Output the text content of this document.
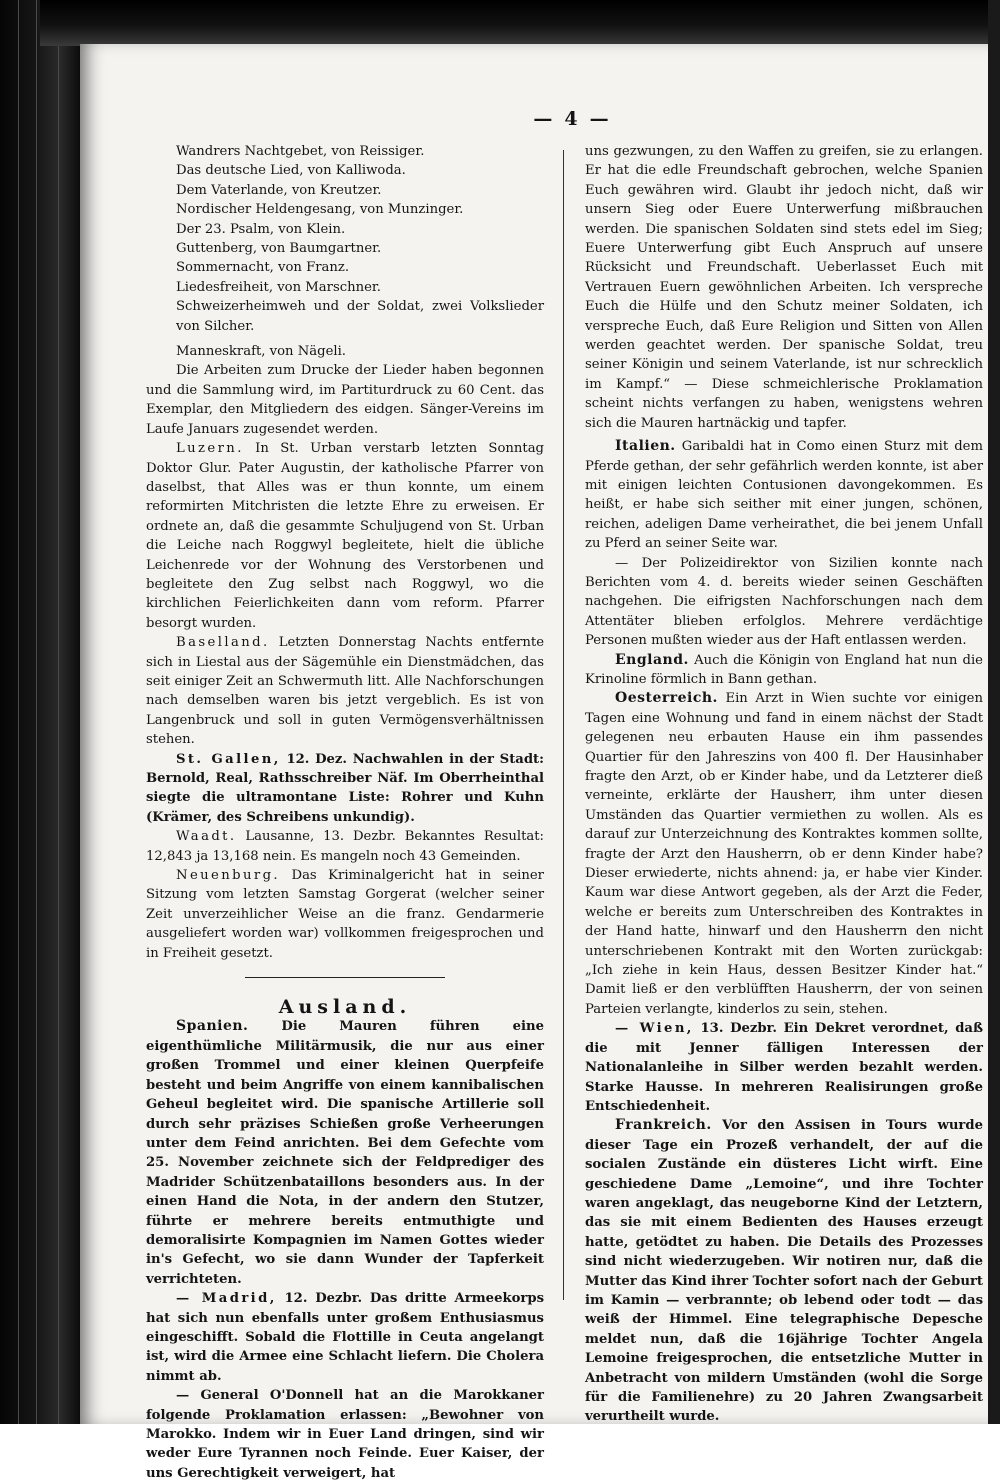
— 4 —

Wandrers Nachtgebet, von Reissiger.

Das deutsche Lied, von Kalliwoda.

Dem Vaterlande, von Kreutzer.

Nordischer Heldengesang, von Munzinger.

Der 23. Psalm, von Klein.

Guttenberg, von Baumgartner.

Sommernacht, von Franz.

Liedesfreiheit, von Marschner.

Schweizerheimweh und der Soldat, zwei Volkslieder von Silcher.

Manneskraft, von Nägeli.

Die Arbeiten zum Drucke der Lieder haben begonnen und die Sammlung wird, im Partiturdruck zu 60 Cent. das Exemplar, den Mitgliedern des eidgen. Sänger-Vereins im Laufe Januars zugesendet werden.

Luzern. In St. Urban verstarb letzten Sonntag Doktor Glur. Pater Augustin, der katholische Pfarrer von daselbst, that Alles was er thun konnte, um einem reformirten Mitchristen die letzte Ehre zu erweisen. Er ordnete an, daß die gesammte Schuljugend von St. Urban die Leiche nach Roggwyl begleitete, hielt die übliche Leichenrede vor der Wohnung des Verstorbenen und begleitete den Zug selbst nach Roggwyl, wo die kirchlichen Feierlichkeiten dann vom reform. Pfarrer besorgt wurden.

Baselland. Letzten Donnerstag Nachts entfernte sich in Liestal aus der Sägemühle ein Dienstmädchen, das seit einiger Zeit an Schwermuth litt. Alle Nachforschungen nach demselben waren bis jetzt vergeblich. Es ist von Langenbruck und soll in guten Vermögensverhältnissen stehen.

St. Gallen, 12. Dez. Nachwahlen in der Stadt: Bernold, Real, Rathsschreiber Näf. Im Oberrheinthal siegte die ultramontane Liste: Rohrer und Kuhn (Krämer, des Schreibens unkundig).

Waadt. Lausanne, 13. Dezbr. Bekanntes Resultat: 12,843 ja 13,168 nein. Es mangeln noch 43 Gemeinden.

Neuenburg. Das Kriminalgericht hat in seiner Sitzung vom letzten Samstag Gorgerat (welcher seiner Zeit unverzeihlicher Weise an die franz. Gendarmerie ausgeliefert worden war) vollkommen freigesprochen und in Freiheit gesetzt.

Ausland.

Spanien. Die Mauren führen eine eigenthümliche Militärmusik, die nur aus einer großen Trommel und einer kleinen Querpfeife besteht und beim Angriffe von einem kannibalischen Geheul begleitet wird. Die spanische Artillerie soll durch sehr präzises Schießen große Verheerungen unter dem Feind anrichten. Bei dem Gefechte vom 25. November zeichnete sich der Feldprediger des Madrider Schützenbataillons besonders aus. In der einen Hand die Nota, in der andern den Stutzer, führte er mehrere bereits entmuthigte und demoralisirte Kompagnien im Namen Gottes wieder in's Gefecht, wo sie dann Wunder der Tapferkeit verrichteten.

— Madrid, 12. Dezbr. Das dritte Armeekorps hat sich nun ebenfalls unter großem Enthusiasmus eingeschifft. Sobald die Flottille in Ceuta angelangt ist, wird die Armee eine Schlacht liefern. Die Cholera nimmt ab.

— General O'Donnell hat an die Marokkaner folgende Proklamation erlassen: „Bewohner von Marokko. Indem wir in Euer Land dringen, sind wir weder Eure Tyrannen noch Feinde. Euer Kaiser, der uns Gerechtigkeit verweigert, hat

uns gezwungen, zu den Waffen zu greifen, sie zu erlangen. Er hat die edle Freundschaft gebrochen, welche Spanien Euch gewähren wird. Glaubt ihr jedoch nicht, daß wir unsern Sieg oder Euere Unterwerfung mißbrauchen werden. Die spanischen Soldaten sind stets edel im Sieg; Euere Unterwerfung gibt Euch Anspruch auf unsere Rücksicht und Freundschaft. Ueberlasset Euch mit Vertrauen Euern gewöhnlichen Arbeiten. Ich verspreche Euch die Hülfe und den Schutz meiner Soldaten, ich verspreche Euch, daß Eure Religion und Sitten von Allen werden geachtet werden. Der spanische Soldat, treu seiner Königin und seinem Vaterlande, ist nur schrecklich im Kampf.“ — Diese schmeichlerische Proklamation scheint nichts verfangen zu haben, wenigstens wehren sich die Mauren hartnäckig und tapfer.

Italien. Garibaldi hat in Como einen Sturz mit dem Pferde gethan, der sehr gefährlich werden konnte, ist aber mit einigen leichten Contusionen davongekommen. Es heißt, er habe sich seither mit einer jungen, schönen, reichen, adeligen Dame verheirathet, die bei jenem Unfall zu Pferd an seiner Seite war.

— Der Polizeidirektor von Sizilien konnte nach Berichten vom 4. d. bereits wieder seinen Geschäften nachgehen. Die eifrigsten Nachforschungen nach dem Attentäter blieben erfolglos. Mehrere verdächtige Personen mußten wieder aus der Haft entlassen werden.

England. Auch die Königin von England hat nun die Krinoline förmlich in Bann gethan.

Oesterreich. Ein Arzt in Wien suchte vor einigen Tagen eine Wohnung und fand in einem nächst der Stadt gelegenen neu erbauten Hause ein ihm passendes Quartier für den Jahreszins von 400 fl. Der Hausinhaber fragte den Arzt, ob er Kinder habe, und da Letzterer dieß verneinte, erklärte der Hausherr, ihm unter diesen Umständen das Quartier vermiethen zu wollen. Als es darauf zur Unterzeichnung des Kontraktes kommen sollte, fragte der Arzt den Hausherrn, ob er denn Kinder habe? Dieser erwiederte, nichts ahnend: ja, er habe vier Kinder. Kaum war diese Antwort gegeben, als der Arzt die Feder, welche er bereits zum Unterschreiben des Kontraktes in der Hand hatte, hinwarf und den Hausherrn den nicht unterschriebenen Kontrakt mit den Worten zurückgab: „Ich ziehe in kein Haus, dessen Besitzer Kinder hat.“ Damit ließ er den verblüfften Hausherrn, der von seinen Parteien verlangte, kinderlos zu sein, stehen.

— Wien, 13. Dezbr. Ein Dekret verordnet, daß die mit Jenner fälligen Interessen der Nationalanleihe in Silber werden bezahlt werden. Starke Hausse. In mehreren Realisirungen große Entschiedenheit.

Frankreich. Vor den Assisen in Tours wurde dieser Tage ein Prozeß verhandelt, der auf die socialen Zustände ein düsteres Licht wirft. Eine geschiedene Dame „Lemoine“, und ihre Tochter waren angeklagt, das neugeborne Kind der Letztern, das sie mit einem Bedienten des Hauses erzeugt hatte, getödtet zu haben. Die Details des Prozesses sind nicht wiederzugeben. Wir notiren nur, daß die Mutter das Kind ihrer Tochter sofort nach der Geburt im Kamin — verbrannte; ob lebend oder todt — das weiß der Himmel. Eine telegraphische Depesche meldet nun, daß die 16jährige Tochter Angela Lemoine freigesprochen, die entsetzliche Mutter in Anbetracht von mildern Umständen (wohl die Sorge für die Familienehre) zu 20 Jahren Zwangsarbeit verurtheilt wurde.
